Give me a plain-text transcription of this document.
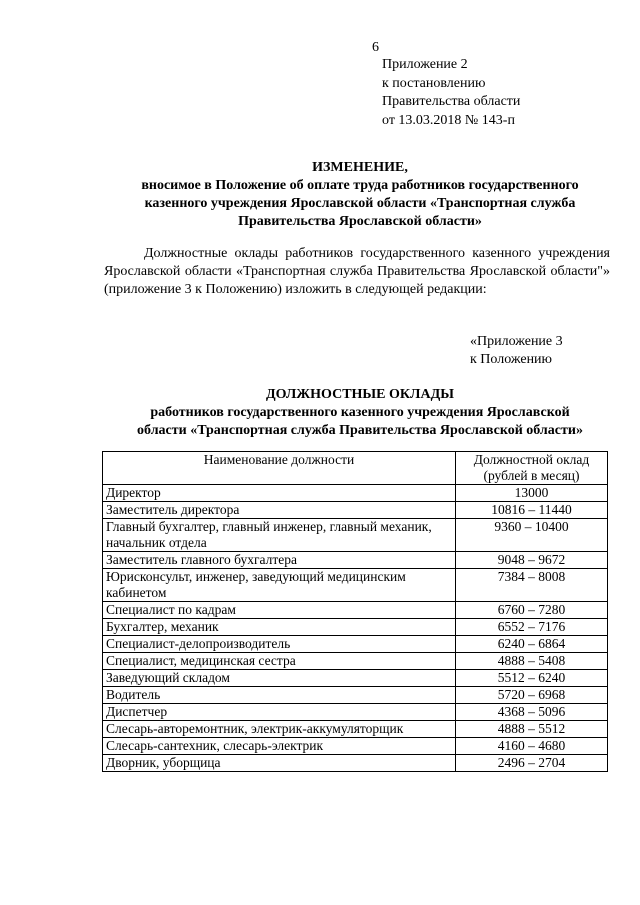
6
Приложение 2
к постановлению
Правительства области
от 13.03.2018 № 143-п
ИЗМЕНЕНИЕ,
вносимое в Положение об оплате труда работников государственного
казенного учреждения Ярославской области «Транспортная служба
Правительства Ярославской области»
Должностные оклады работников государственного казенного учреждения Ярославской области «Транспортная служба Правительства Ярославской области"» (приложение 3 к Положению) изложить в следующей редакции:
«Приложение 3
к Положению
ДОЛЖНОСТНЫЕ ОКЛАДЫ
работников государственного казенного учреждения Ярославской
области «Транспортная служба Правительства Ярославской области»
Наименование должности	Должностной оклад (рублей в месяц)
Директор	13000
Заместитель директора	10816 – 11440
Главный бухгалтер, главный инженер, главный механик, начальник отдела	9360 – 10400
Заместитель главного бухгалтера	9048 – 9672
Юрисконсульт, инженер, заведующий медицинским кабинетом	7384 – 8008
Специалист по кадрам	6760 – 7280
Бухгалтер, механик	6552 – 7176
Специалист-делопроизводитель	6240 – 6864
Специалист, медицинская сестра	4888 – 5408
Заведующий складом	5512 – 6240
Водитель	5720 – 6968
Диспетчер	4368 – 5096
Слесарь-авторемонтник, электрик-аккумуляторщик	4888 – 5512
Слесарь-сантехник, слесарь-электрик	4160 – 4680
Дворник, уборщица	2496 – 2704
